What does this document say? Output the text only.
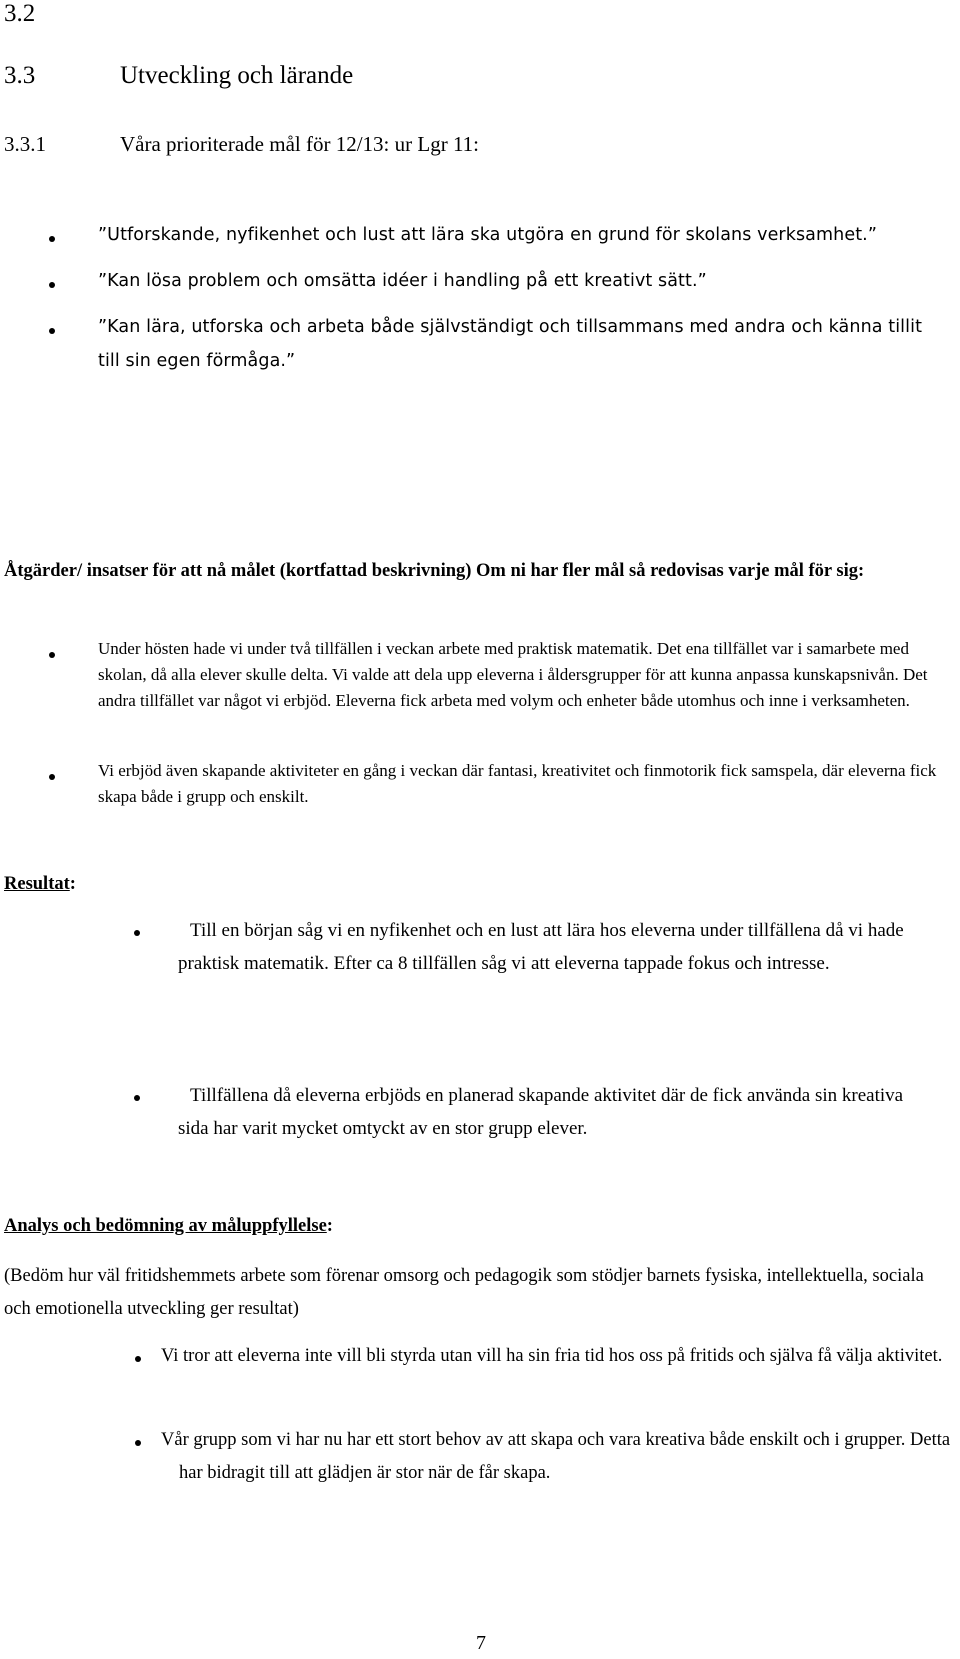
3.2
3.3	Utveckling och lärande
3.3.1	Våra prioriterade mål för 12/13: ur Lgr 11:

”Utforskande, nyfikenhet och lust att lära ska utgöra en grund för skolans verksamhet.”

”Kan lösa problem och omsätta idéer i handling på ett kreativt sätt.”

”Kan lära, utforska och arbeta både självständigt och tillsammans med andra och känna tillit till sin egen förmåga.”

Åtgärder/ insatser för att nå målet (kortfattad beskrivning) Om ni har fler mål så redovisas varje mål för sig:

Under hösten hade vi under två tillfällen i veckan arbete med praktisk matematik. Det ena tillfället var i samarbete med skolan, då alla elever skulle delta. Vi valde att dela upp eleverna i åldersgrupper för att kunna anpassa kunskapsnivån. Det andra tillfället var något vi erbjöd. Eleverna fick arbeta med volym och enheter både utomhus och inne i verksamheten.

Vi erbjöd även skapande aktiviteter en gång i veckan där fantasi, kreativitet och finmotorik fick samspela, där eleverna fick skapa både i grupp och enskilt.

Resultat:

Till en början såg vi en nyfikenhet och en lust att lära hos eleverna under tillfällena då vi hade praktisk matematik. Efter ca 8 tillfällen såg vi att eleverna tappade fokus och intresse.

Tillfällena då eleverna erbjöds en planerad skapande aktivitet där de fick använda sin kreativa sida har varit mycket omtyckt av en stor grupp elever.

Analys och bedömning av måluppfyllelse:

(Bedöm hur väl fritidshemmets arbete som förenar omsorg och pedagogik som stödjer barnets fysiska, intellektuella, sociala och emotionella utveckling ger resultat)

Vi tror att eleverna inte vill bli styrda utan vill ha sin fria tid hos oss på fritids och själva få välja aktivitet.

Vår grupp som vi har nu har ett stort behov av att skapa och vara kreativa både enskilt och i grupper. Detta har bidragit till att glädjen är stor när de får skapa.

7
